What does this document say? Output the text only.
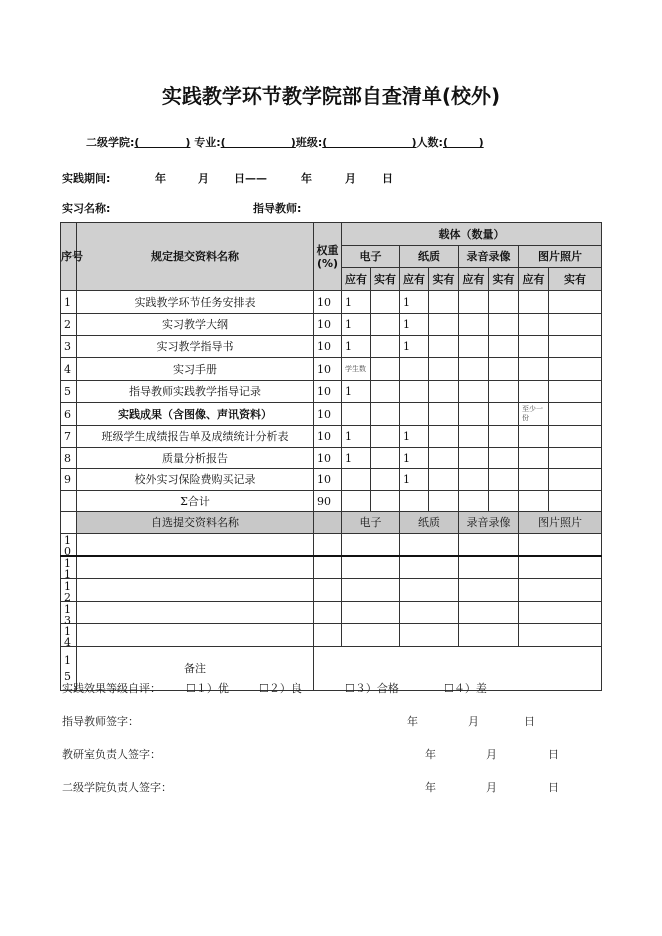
实践教学环节教学院部自查清单(校外)
二级学院:(            ) 专业:(                 )班级:(                      )人数:(        )
实践期间:	年	月 日——	年	月 日
实习名称:	指导教师:
序号	规定提交资料名称	权重(%)	载体（数量）							
			电子		纸质		录音录像		图片照片	
			应有	实有	应有	实有	应有	实有	应有	实有
1	实践教学环节任务安排表	10	1		1					
2	实习教学大纲	10	1		1					
3	实习教学指导书	10	1		1					
4	实习手册	10	学生数							
5	指导教师实践教学指导记录	10	1							
6	实践成果（含图像、声讯资料）	10							至少一份	
7	班级学生成绩报告单及成绩统计分析表	10	1		1					
8	质量分析报告	10	1		1					
9	校外实习保险费购买记录	10			1					
	Σ合计	90								
	自选提交资料名称		电子		纸质		录音录像		图片照片	

10										

11										

12										

13										

14										

15	备注									
实践效果等级自评： ☐１）优	☐２）良	☐３）合格	☐４）差
指导教师签字：	年	月	日
教研室负责人签字：	年	月	日
二级学院负责人签字：	年	月	日
